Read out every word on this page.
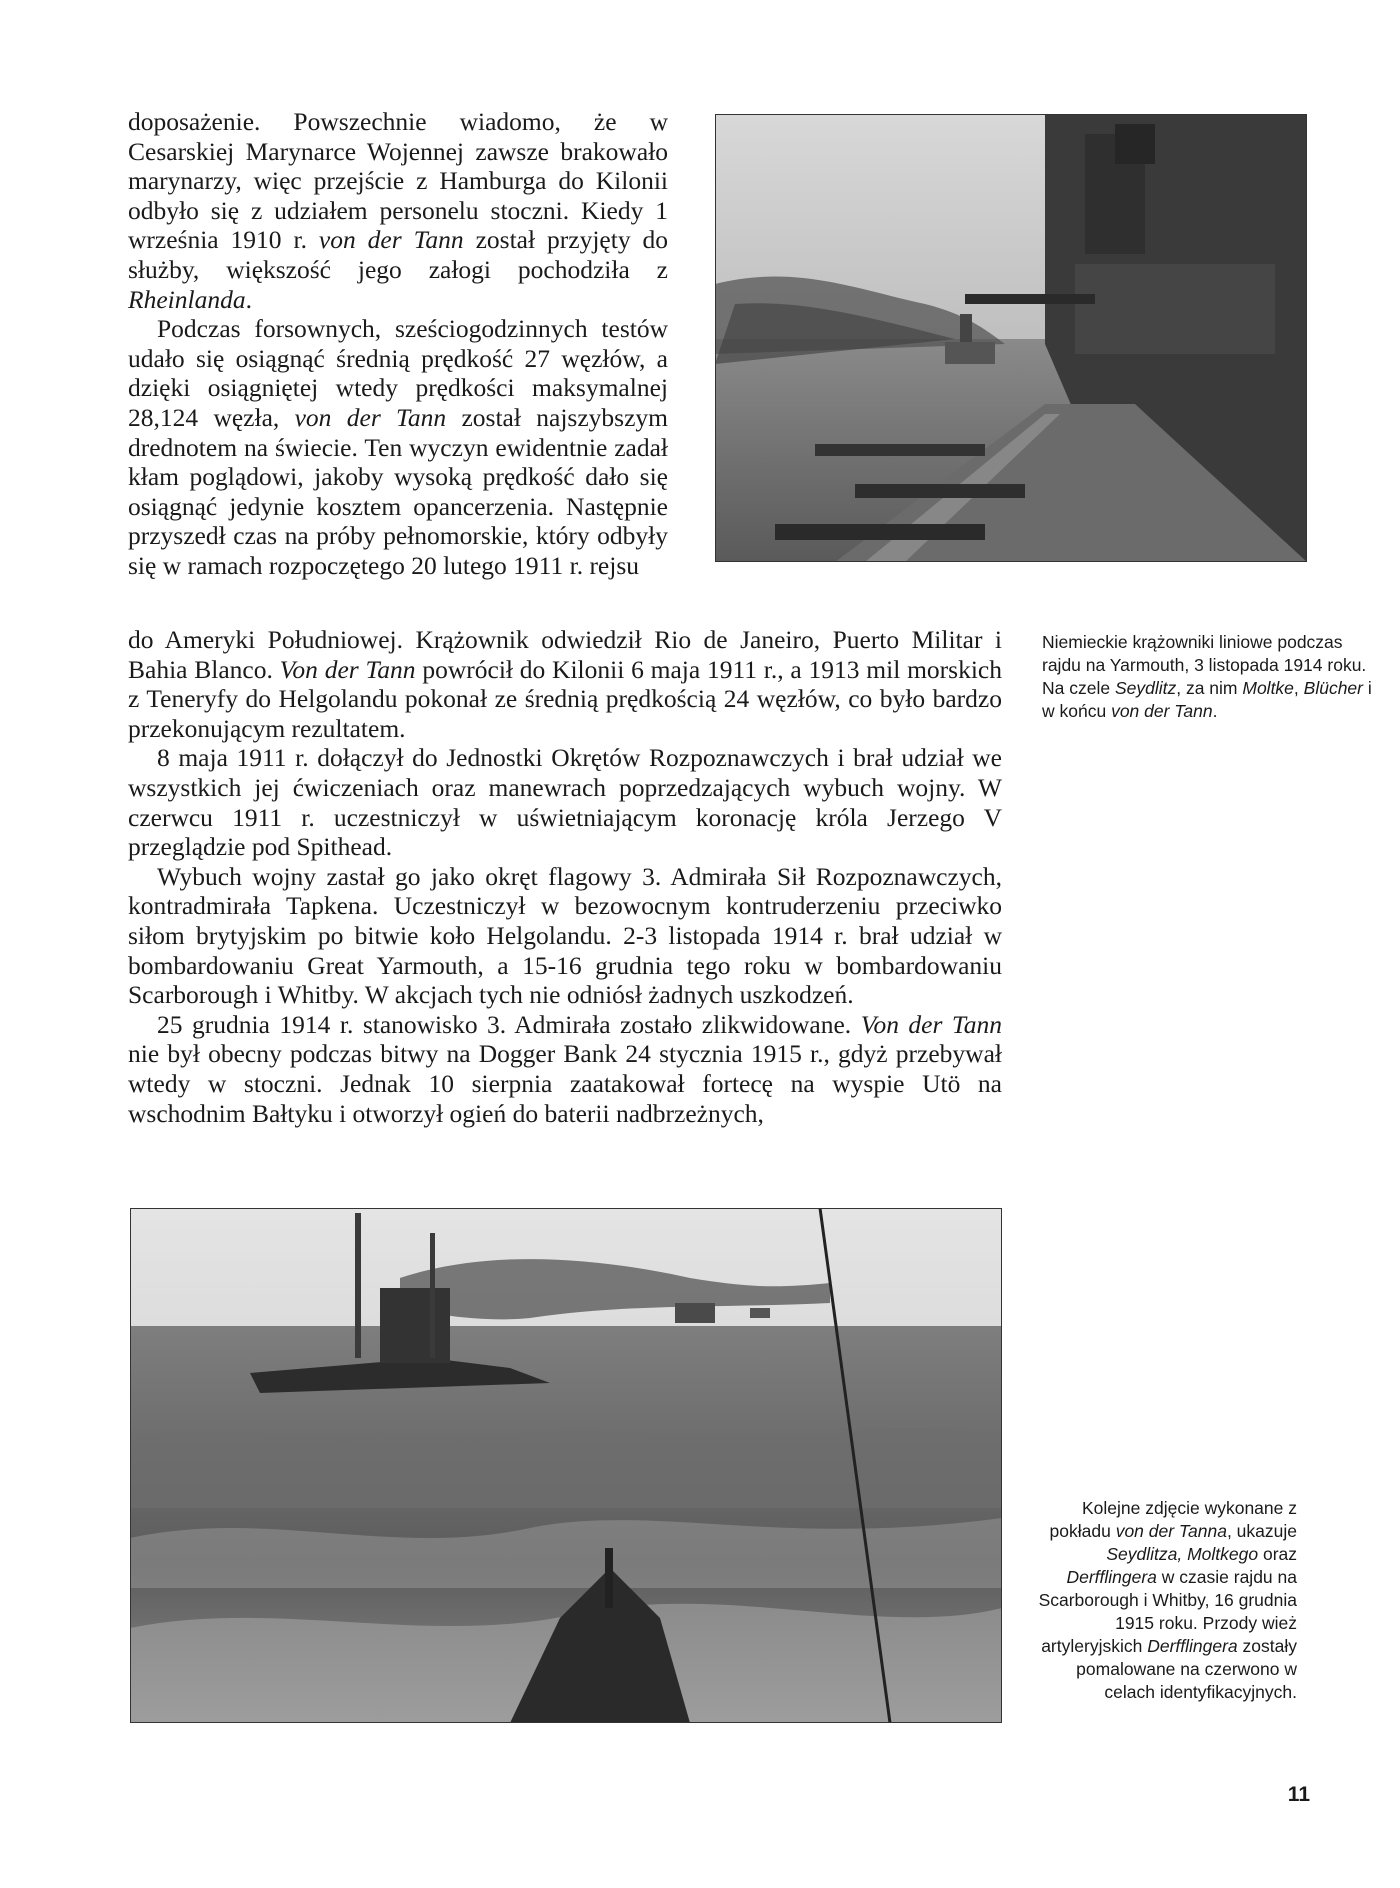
doposażenie. Powszechnie wiadomo, że w Cesarskiej Marynarce Wojennej zawsze brakowało marynarzy, więc przejście z Hamburga do Kilonii odbyło się z udziałem personelu stoczni. Kiedy 1 września 1910 r. von der Tann został przyjęty do służby, większość jego załogi pochodziła z Rheinlanda.

Podczas forsownych, sześciogodzinnych testów udało się osiągnąć średnią prędkość 27 węzłów, a dzięki osiągniętej wtedy prędkości maksymalnej 28,124 węzła, von der Tann został najszybszym drednotem na świecie. Ten wyczyn ewidentnie zadał kłam poglądowi, jakoby wysoką prędkość dało się osiągnąć jedynie kosztem opancerzenia. Następnie przyszedł czas na próby pełnomorskie, który odbyły się w ramach rozpoczętego 20 lutego 1911 r. rejsu

do Ameryki Południowej. Krążownik odwiedził Rio de Janeiro, Puerto Militar i Bahia Blanco. Von der Tann powrócił do Kilonii 6 maja 1911 r., a 1913 mil morskich z Teneryfy do Helgolandu pokonał ze średnią prędkością 24 węzłów, co było bardzo przekonującym rezultatem.

8 maja 1911 r. dołączył do Jednostki Okrętów Rozpoznawczych i brał udział we wszystkich jej ćwiczeniach oraz manewrach poprzedzających wybuch wojny. W czerwcu 1911 r. uczestniczył w uświetniającym koronację króla Jerzego V przeglądzie pod Spithead.

Wybuch wojny zastał go jako okręt flagowy 3. Admirała Sił Rozpoznawczych, kontradmirała Tapkena. Uczestniczył w bezowocnym kontruderzeniu przeciwko siłom brytyjskim po bitwie koło Helgolandu. 2-3 listopada 1914 r. brał udział w bombardowaniu Great Yarmouth, a 15-16 grudnia tego roku w bombardowaniu Scarborough i Whitby. W akcjach tych nie odniósł żadnych uszkodzeń.

25 grudnia 1914 r. stanowisko 3. Admirała zostało zlikwidowane. Von der Tann nie był obecny podczas bitwy na Dogger Bank 24 stycznia 1915 r., gdyż przebywał wtedy w stoczni. Jednak 10 sierpnia zaatakował fortecę na wyspie Utö na wschodnim Bałtyku i otworzył ogień do baterii nadbrzeżnych,

Niemieckie krążowniki liniowe podczas rajdu na Yarmouth, 3 listopada 1914 roku. Na czele Seydlitz, za nim Moltke, Blücher i w końcu von der Tann.

Kolejne zdjęcie wykonane z pokładu von der Tanna, ukazuje Seydlitza, Moltkego oraz Derfflingera w czasie rajdu na Scarborough i Whitby, 16 grudnia 1915 roku. Przody wież artyleryjskich Derfflingera zostały pomalowane na czerwono w celach identyfikacyjnych.

11
